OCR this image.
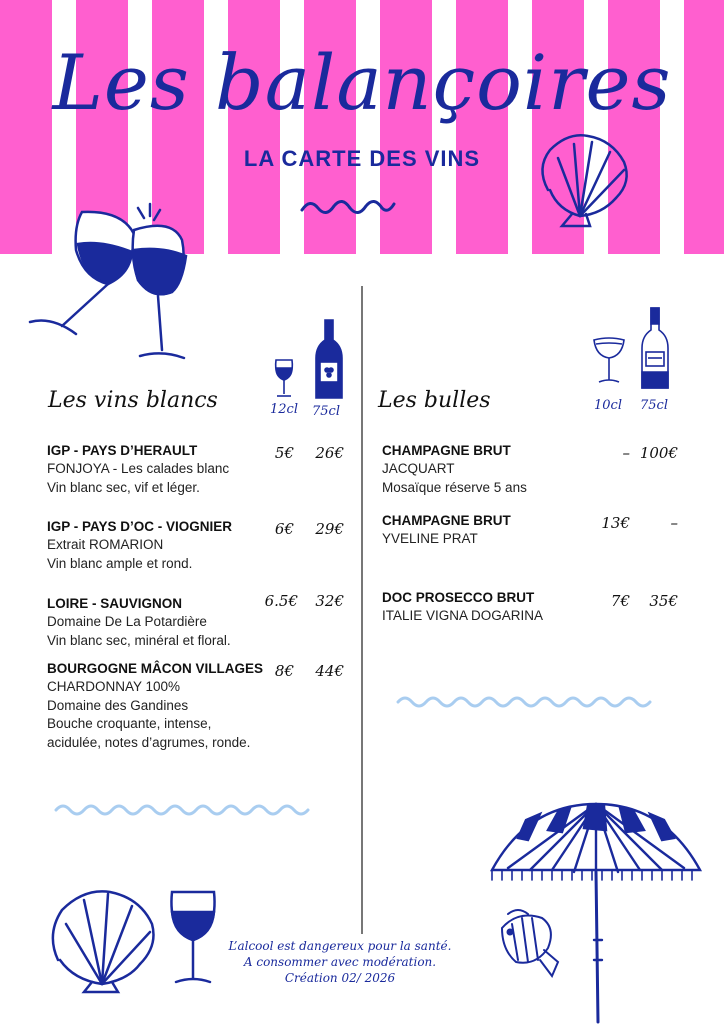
Les balançoires
LA CARTE DES VINS
Les vins blancs	12cl 75cl
IGP - PAYS D’HERAULT
FONJOYA - Les calades blanc
Vin blanc sec, vif et léger.
5€	26€
IGP - PAYS D’OC - VIOGNIER
Extrait ROMARION
Vin blanc ample et rond.
6€	29€
LOIRE - SAUVIGNON
Domaine De La Potardière
Vin blanc sec, minéral et floral.
6.5€	32€
BOURGOGNE MÂCON VILLAGES
CHARDONNAY 100%
Domaine des Gandines
Bouche croquante, intense,
acidulée, notes d’agrumes, ronde.
8€	44€
Les bulles	10cl 75cl
CHAMPAGNE BRUT
JACQUART
Mosaïque réserve 5 ans
– 100€
CHAMPAGNE BRUT
YVELINE PRAT
13€	–
DOC PROSECCO BRUT
ITALIE VIGNA DOGARINA
7€	35€
L’alcool est dangereux pour la santé.
A consommer avec modération.
Création 02/ 2026
